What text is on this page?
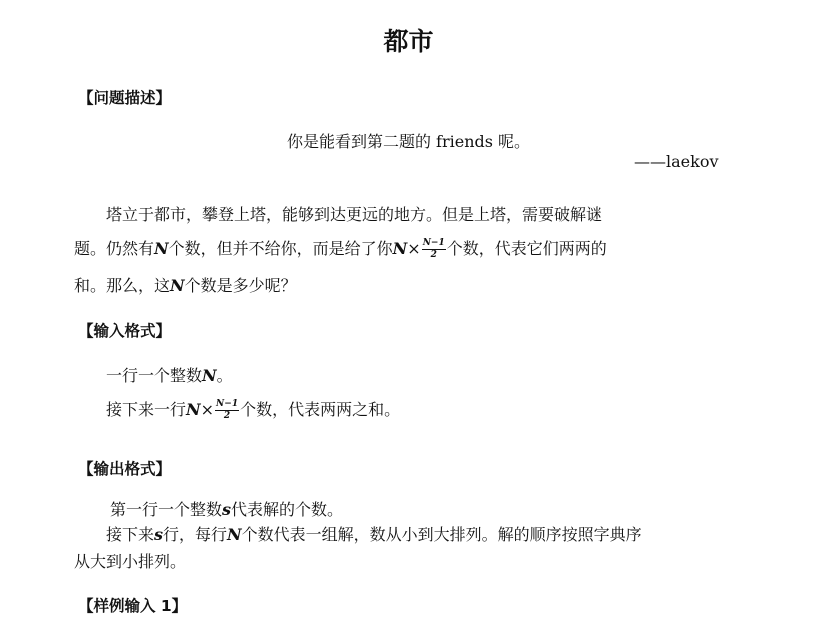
都市
【问题描述】
你是能看到第二题的 friends 呢。
——laekov
塔立于都市，攀登上塔，能够到达更远的地方。但是上塔，需要破解谜
题。仍然有N个数，但并不给你，而是给了你$N\times \frac{N-1}{2}$ 个数，代表它们两两的
和。那么，这N个数是多少呢？
【输入格式】
一行一个整数N。
接下来一行$N\times \frac{N-1}{2}$ 个数，代表两两之和。
【输出格式】
第一行一个整数s代表解的个数。
接下来s行，每行N个数代表一组解，数从小到大排列。解的顺序按照字典序
从大到小排列。
【样例输入 1】
